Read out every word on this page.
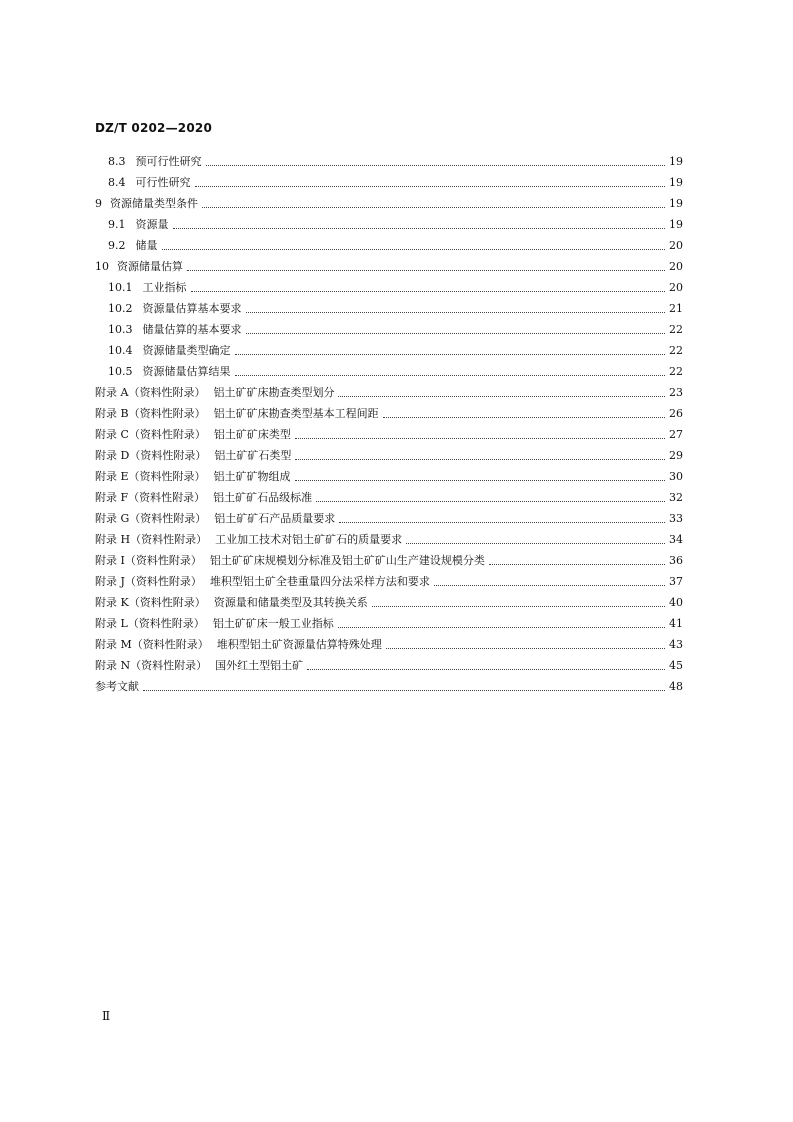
DZ/T 0202—2020
8.3 预可行性研究	19
8.4 可行性研究	19
9 资源储量类型条件	19
9.1 资源量	19
9.2 储量	20
10 资源储量估算	20
10.1 工业指标	20
10.2 资源量估算基本要求	21
10.3 储量估算的基本要求	22
10.4 资源储量类型确定	22
10.5 资源储量估算结果	22
附录 A（资料性附录） 铝土矿矿床勘查类型划分	23
附录 B（资料性附录） 铝土矿矿床勘查类型基本工程间距	26
附录 C（资料性附录） 铝土矿矿床类型	27
附录 D（资料性附录） 铝土矿矿石类型	29
附录 E（资料性附录） 铝土矿矿物组成	30
附录 F（资料性附录） 铝土矿矿石品级标准	32
附录 G（资料性附录） 铝土矿矿石产品质量要求	33
附录 H（资料性附录） 工业加工技术对铝土矿矿石的质量要求	34
附录 I（资料性附录） 铝土矿矿床规模划分标准及铝土矿矿山生产建设规模分类	36
附录 J（资料性附录） 堆积型铝土矿全巷重量四分法采样方法和要求	37
附录 K（资料性附录） 资源量和储量类型及其转换关系	40
附录 L（资料性附录） 铝土矿矿床一般工业指标	41
附录 M（资料性附录） 堆积型铝土矿资源量估算特殊处理	43
附录 N（资料性附录） 国外红土型铝土矿	45
参考文献	48
Ⅱ
